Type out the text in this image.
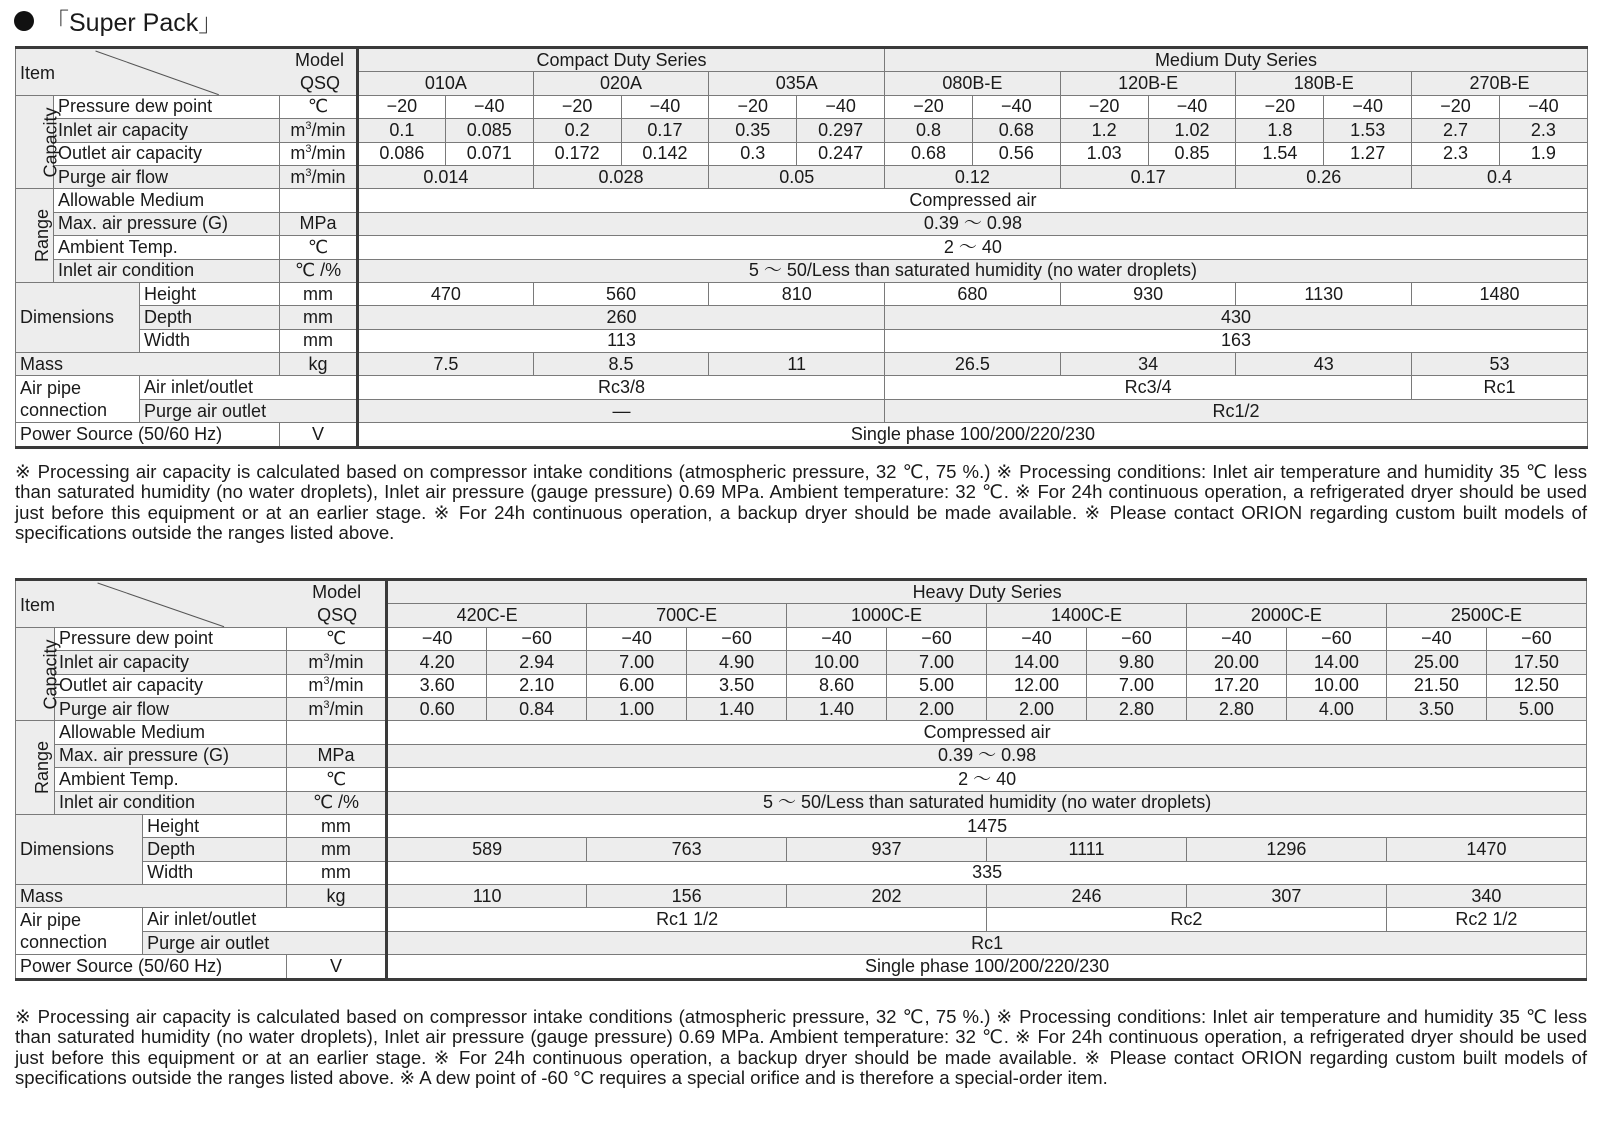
「Super Pack」
Item
Model
QSQ				Compact Duty Series						Medium Duty Series							
				010A		020A		035A		080B-E		120B-E		180B-E		270B-E	
Capacity	Pressure dew point		℃	−20	−40	−20	−40	−20	−40	−20	−40	−20	−40	−20	−40	−20	−40
	Inlet air capacity		$m^3/\min$	0.1	0.085	0.2	0.17	0.35	0.297	0.8	0.68	1.2	1.02	1.8	1.53	2.7	2.3
	Outlet air capacity		$m^3/\min$	0.086	0.071	0.172	0.142	0.3	0.247	0.68	0.56	1.03	0.85	1.54	1.27	2.3	1.9
	Purge air flow		$m^3/\min$	0.014		0.028		0.05		0.12		0.17		0.26		0.4	
Range	Allowable Medium			Compressed air													
	Max. air pressure (G)		MPa	0.39 ～ 0.98													
	Ambient Temp.		℃	2 ～ 40													
	Inlet air condition		℃ /%	5 ～ 50/Less than saturated humidity (no water droplets)													
Dimensions		Height	mm	470		560		810		680		930		1130		1480	
		Depth	mm	260						430							
		Width	mm	113						163							
Mass			kg	7.5		8.5		11		26.5		34		43		53	
Air pipe
connection		Air inlet/outlet		Rc3/8						Rc3/4						Rc1	
		Purge air outlet		—						Rc1/2							
Power Source (50/60 Hz)			V	Single phase 100/200/220/230													
※ Processing air capacity is calculated based on compressor intake conditions (atmospheric pressure, 32 ℃, 75 %.) ※ Processing conditions: Inlet air temperature and humidity 35 ℃ less than saturated humidity (no water droplets), Inlet air pressure (gauge pressure) 0.69 MPa. Ambient temperature: 32 ℃. ※ For 24h continuous operation, a refrigerated dryer should be used just before this equipment or at an earlier stage. ※ For 24h continuous operation, a backup dryer should be made available. ※ Please contact ORION regarding custom built models of specifications outside the ranges listed above.
Item
Model
QSQ				Heavy Duty Series											
				420C-E		700C-E		1000C-E		1400C-E		2000C-E		2500C-E	
Capacity	Pressure dew point		℃	−40	−60	−40	−60	−40	−60	−40	−60	−40	−60	−40	−60
	Inlet air capacity		$m^3/\min$	4.20	2.94	7.00	4.90	10.00	7.00	14.00	9.80	20.00	14.00	25.00	17.50
	Outlet air capacity		$m^3/\min$	3.60	2.10	6.00	3.50	8.60	5.00	12.00	7.00	17.20	10.00	21.50	12.50
	Purge air flow		$m^3/\min$	0.60	0.84	1.00	1.40	1.40	2.00	2.00	2.80	2.80	4.00	3.50	5.00
Range	Allowable Medium			Compressed air											
	Max. air pressure (G)		MPa	0.39 ～ 0.98											
	Ambient Temp.		℃	2 ～ 40											
	Inlet air condition		℃ /%	5 ～ 50/Less than saturated humidity (no water droplets)											
Dimensions		Height	mm	1475											
		Depth	mm	589		763		937		1111		1296		1470	
		Width	mm	335											
Mass			kg	110		156		202		246		307		340	
Air pipe
connection		Air inlet/outlet		Rc1 1/2						Rc2				Rc2 1/2	
		Purge air outlet		Rc1											
Power Source (50/60 Hz)			V	Single phase 100/200/220/230											
※ Processing air capacity is calculated based on compressor intake conditions (atmospheric pressure, 32 ℃, 75 %.) ※ Processing conditions: Inlet air temperature and humidity 35 ℃ less than saturated humidity (no water droplets), Inlet air pressure (gauge pressure) 0.69 MPa. Ambient temperature: 32 ℃. ※ For 24h continuous operation, a refrigerated dryer should be used just before this equipment or at an earlier stage. ※ For 24h continuous operation, a backup dryer should be made available. ※ Please contact ORION regarding custom built models of specifications outside the ranges listed above. ※ A dew point of -60 °C requires a special orifice and is therefore a special-order item.
